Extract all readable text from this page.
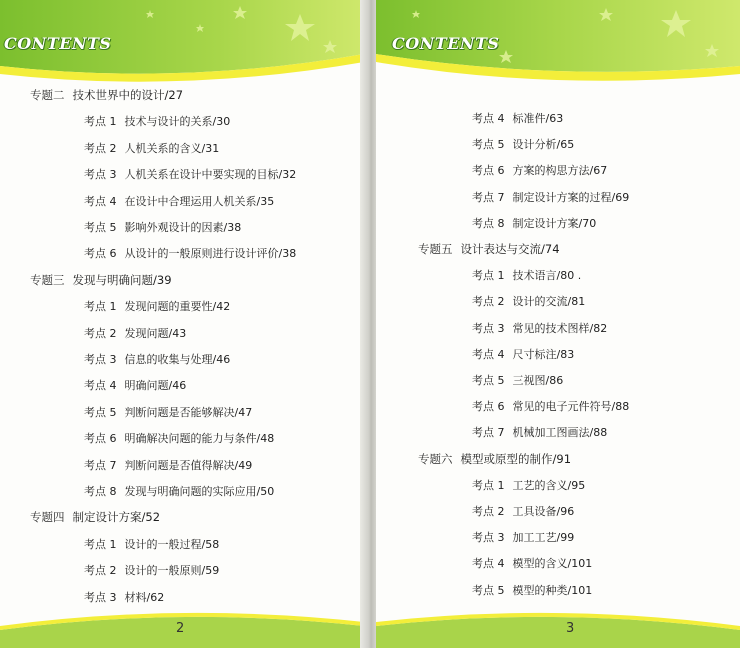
CONTENTS
专题二 技术世界中的设计/27
考点 1 技术与设计的关系/30
考点 2 人机关系的含义/31
考点 3 人机关系在设计中要实现的目标/32
考点 4 在设计中合理运用人机关系/35
考点 5 影响外观设计的因素/38
考点 6 从设计的一般原则进行设计评价/38
专题三 发现与明确问题/39
考点 1 发现问题的重要性/42
考点 2 发现问题/43
考点 3 信息的收集与处理/46
考点 4 明确问题/46
考点 5 判断问题是否能够解决/47
考点 6 明确解决问题的能力与条件/48
考点 7 判断问题是否值得解决/49
考点 8 发现与明确问题的实际应用/50
专题四 制定设计方案/52
考点 1 设计的一般过程/58
考点 2 设计的一般原则/59
考点 3 材料/62
2
CONTENTS
考点 4 标准件/63
考点 5 设计分析/65
考点 6 方案的构思方法/67
考点 7 制定设计方案的过程/69
考点 8 制定设计方案/70
专题五 设计表达与交流/74
考点 1 技术语言/80 .
考点 2 设计的交流/81
考点 3 常见的技术图样/82
考点 4 尺寸标注/83
考点 5 三视图/86
考点 6 常见的电子元件符号/88
考点 7 机械加工图画法/88
专题六 模型或原型的制作/91
考点 1 工艺的含义/95
考点 2 工具设备/96
考点 3 加工工艺/99
考点 4 模型的含义/101
考点 5 模型的种类/101
3
